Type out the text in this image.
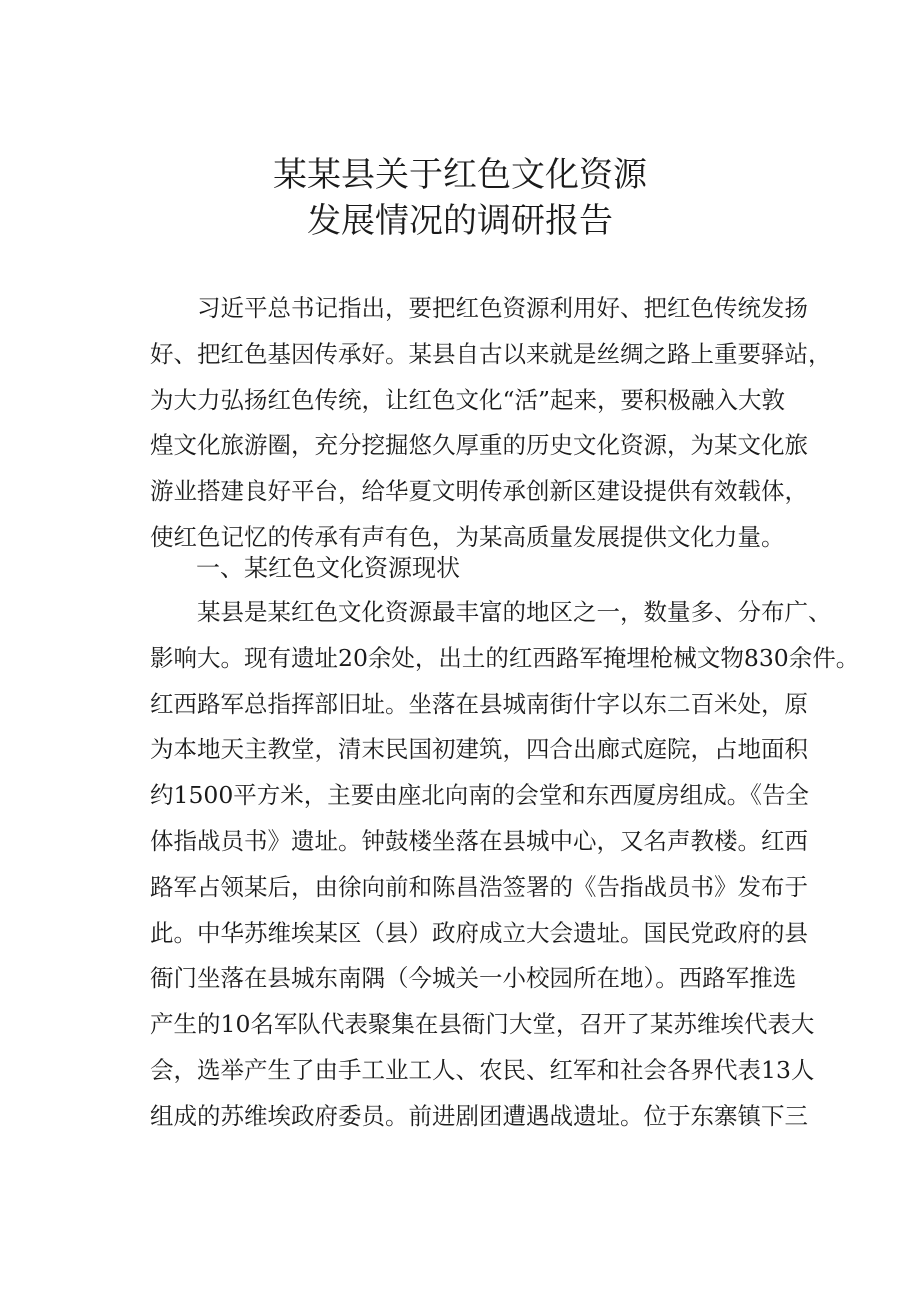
某某县关于红色文化资源
发展情况的调研报告
习近平总书记指出，要把红色资源利用好、把红色传统发扬
好、把红色基因传承好。某县自古以来就是丝绸之路上重要驿站，
为大力弘扬红色传统，让红色文化“活”起来，要积极融入大敦
煌文化旅游圈，充分挖掘悠久厚重的历史文化资源，为某文化旅
游业搭建良好平台，给华夏文明传承创新区建设提供有效载体，
使红色记忆的传承有声有色，为某高质量发展提供文化力量。
一、某红色文化资源现状
某县是某红色文化资源最丰富的地区之一，数量多、分布广、
影响大。现有遗址20余处，出土的红西路军掩埋枪械文物830余件。
红西路军总指挥部旧址。坐落在县城南街什字以东二百米处，原
为本地天主教堂，清末民国初建筑，四合出廊式庭院，占地面积
约1500平方米，主要由座北向南的会堂和东西厦房组成。《告全
体指战员书》遗址。钟鼓楼坐落在县城中心，又名声教楼。红西
路军占领某后，由徐向前和陈昌浩签署的《告指战员书》发布于
此。中华苏维埃某区（县）政府成立大会遗址。国民党政府的县
衙门坐落在县城东南隅（今城关一小校园所在地）。西路军推选
产生的10名军队代表聚集在县衙门大堂，召开了某苏维埃代表大
会，选举产生了由手工业工人、农民、红军和社会各界代表13人
组成的苏维埃政府委员。前进剧团遭遇战遗址。位于东寨镇下三
